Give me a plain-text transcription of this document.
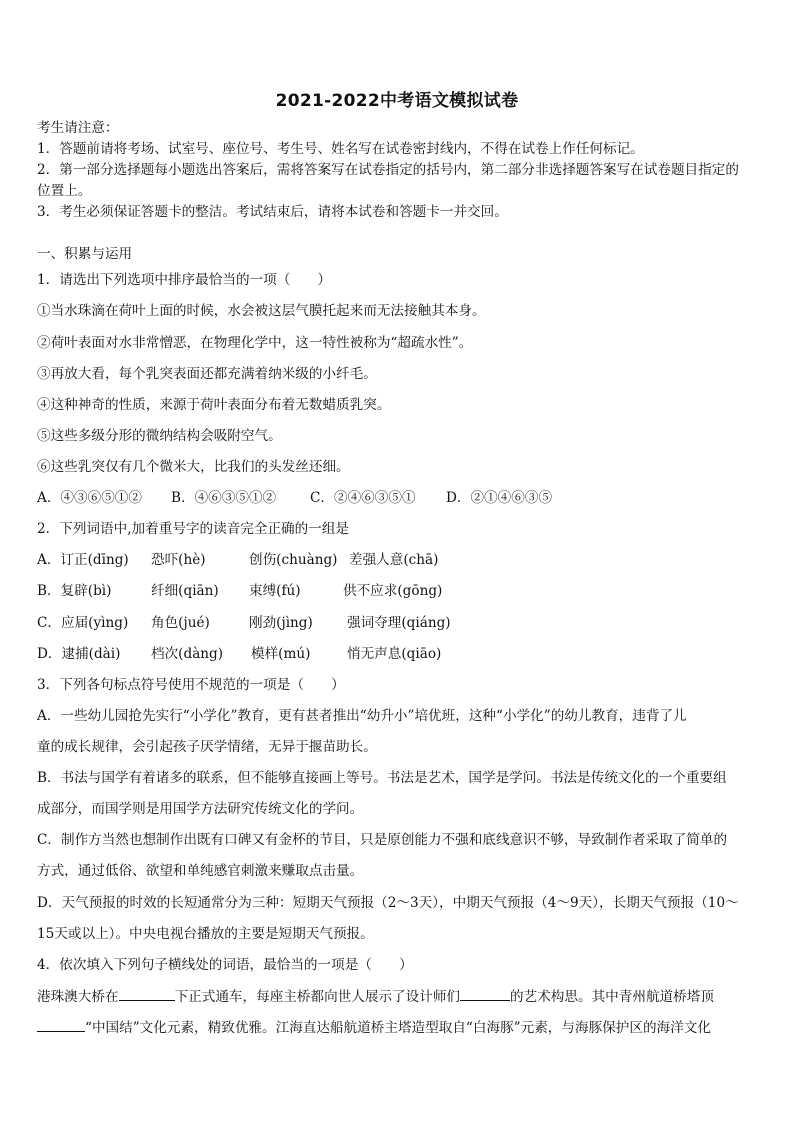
2021-2022中考语文模拟试卷
考生请注意：
1．答题前请将考场、试室号、座位号、考生号、姓名写在试卷密封线内，不得在试卷上作任何标记。
2．第一部分选择题每小题选出答案后，需将答案写在试卷指定的括号内，第二部分非选择题答案写在试卷题目指定的
位置上。
3．考生必须保证答题卡的整洁。考试结束后，请将本试卷和答题卡一并交回。
一、积累与运用
1．请选出下列选项中排序最恰当的一项（　　）
①当水珠滴在荷叶上面的时候，水会被这层气膜托起来而无法接触其本身。
②荷叶表面对水非常憎恶，在物理化学中，这一特性被称为“超疏水性”。
③再放大看，每个乳突表面还都充满着纳米级的小纤毛。
④这种神奇的性质，来源于荷叶表面分布着无数蜡质乳突。
⑤这些多级分形的微纳结构会吸附空气。
⑥这些乳突仅有几个微米大，比我们的头发丝还细。
A．④③⑥⑤①② B．④⑥③⑤①② C．②④⑥③⑤① D．②①④⑥③⑤
2．下列词语中,加着重号字的读音完全正确的一组是
A．订正(dīng) 恐吓(hè)	创伤(chuàng) 差强人意(chā)
B．复辟(bì)	纤细(qiān) 束缚(fú)	供不应求(gōng)
C．应届(yìng) 角色(jué)	刚劲(jìng)	强词夺理(qiáng)
D．逮捕(dài) 档次(dàng) 模样(mú)	悄无声息(qiāo)
3．下列各句标点符号使用不规范的一项是（　　）
A．一些幼儿园抢先实行“小学化”教育，更有甚者推出“幼升小”培优班，这种“小学化”的幼儿教育，违背了儿
童的成长规律，会引起孩子厌学情绪，无异于揠苗助长。
B．书法与国学有着诸多的联系，但不能够直接画上等号。书法是艺术，国学是学问。书法是传统文化的一个重要组
成部分，而国学则是用国学方法研究传统文化的学问。
C．制作方当然也想制作出既有口碑又有金杯的节目，只是原创能力不强和底线意识不够，导致制作者采取了简单的
方式，通过低俗、欲望和单纯感官刺激来赚取点击量。
D．天气预报的时效的长短通常分为三种：短期天气预报（2～3天），中期天气预报（4～9天），长期天气预报（10～
15天或以上）。中央电视台播放的主要是短期天气预报。
4．依次填入下列句子横线处的词语，最恰当的一项是（　　）
港珠澳大桥在	下正式通车，每座主桥都向世人展示了设计师们	的艺术构思。其中青州航道桥塔顶
“中国结”文化元素，精致优雅。江海直达船航道桥主塔造型取自“白海豚”元素，与海豚保护区的海洋文化
